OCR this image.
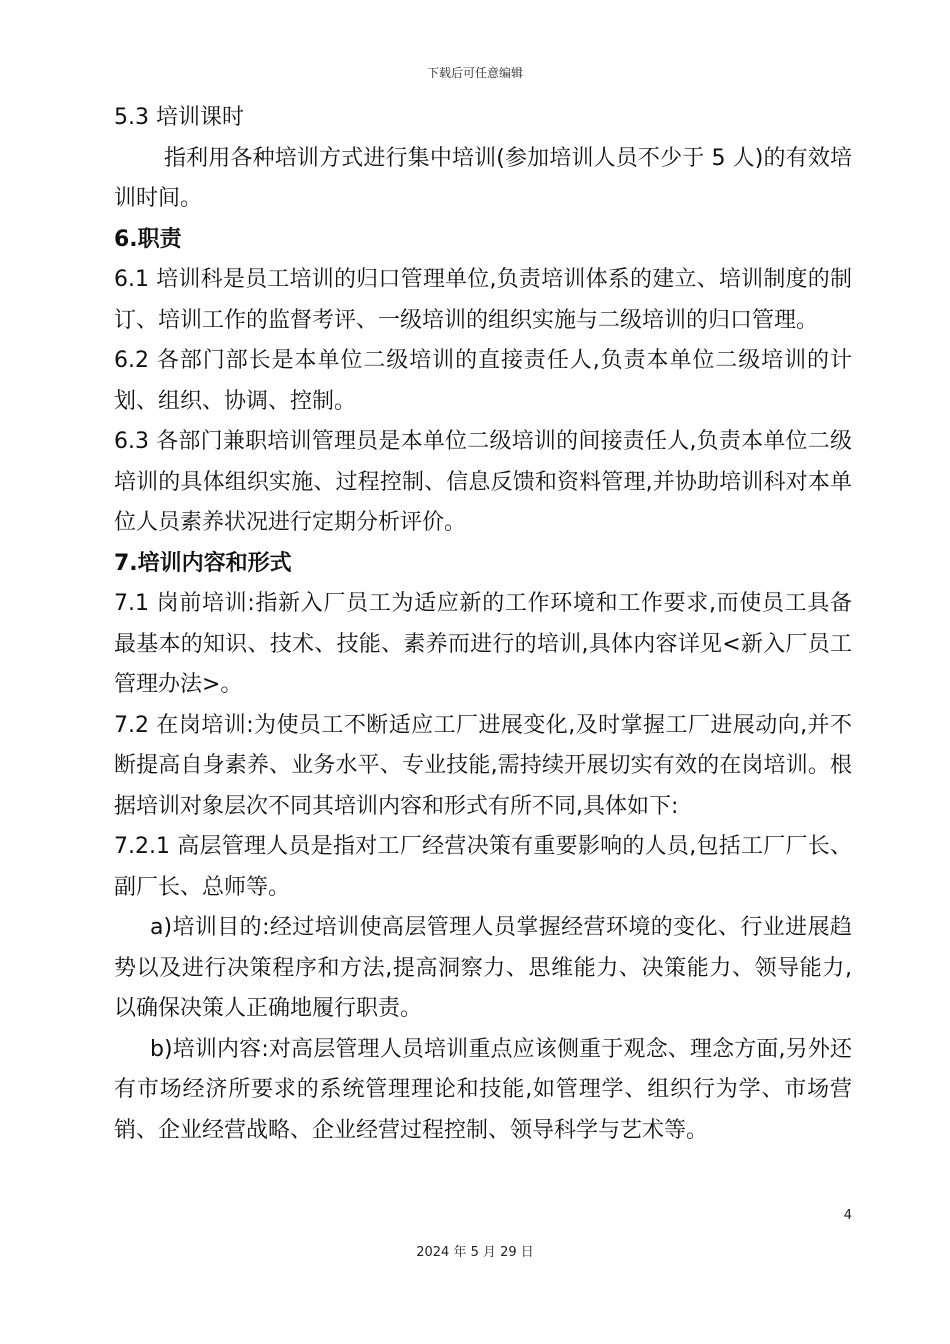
下载后可任意编辑

5.3 培训课时

指利用各种培训方式进行集中培训(参加培训人员不少于 5 人)的有效培训时间。

6.职责

6.1 培训科是员工培训的归口管理单位,负责培训体系的建立、培训制度的制订、培训工作的监督考评、一级培训的组织实施与二级培训的归口管理。

6.2 各部门部长是本单位二级培训的直接责任人,负责本单位二级培训的计划、组织、协调、控制。

6.3 各部门兼职培训管理员是本单位二级培训的间接责任人,负责本单位二级培训的具体组织实施、过程控制、信息反馈和资料管理,并协助培训科对本单位人员素养状况进行定期分析评价。

7.培训内容和形式

7.1 岗前培训:指新入厂员工为适应新的工作环境和工作要求,而使员工具备最基本的知识、技术、技能、素养而进行的培训,具体内容详见<新入厂员工管理办法>。

7.2 在岗培训:为使员工不断适应工厂进展变化,及时掌握工厂进展动向,并不断提高自身素养、业务水平、专业技能,需持续开展切实有效的在岗培训。根据培训对象层次不同其培训内容和形式有所不同,具体如下:

7.2.1 高层管理人员是指对工厂经营决策有重要影响的人员,包括工厂厂长、副厂长、总师等。

a)培训目的:经过培训使高层管理人员掌握经营环境的变化、行业进展趋势以及进行决策程序和方法,提高洞察力、思维能力、决策能力、领导能力,以确保决策人正确地履行职责。

b)培训内容:对高层管理人员培训重点应该侧重于观念、理念方面,另外还有市场经济所要求的系统管理理论和技能,如管理学、组织行为学、市场营销、企业经营战略、企业经营过程控制、领导科学与艺术等。

4
2024 年 5 月 29 日
